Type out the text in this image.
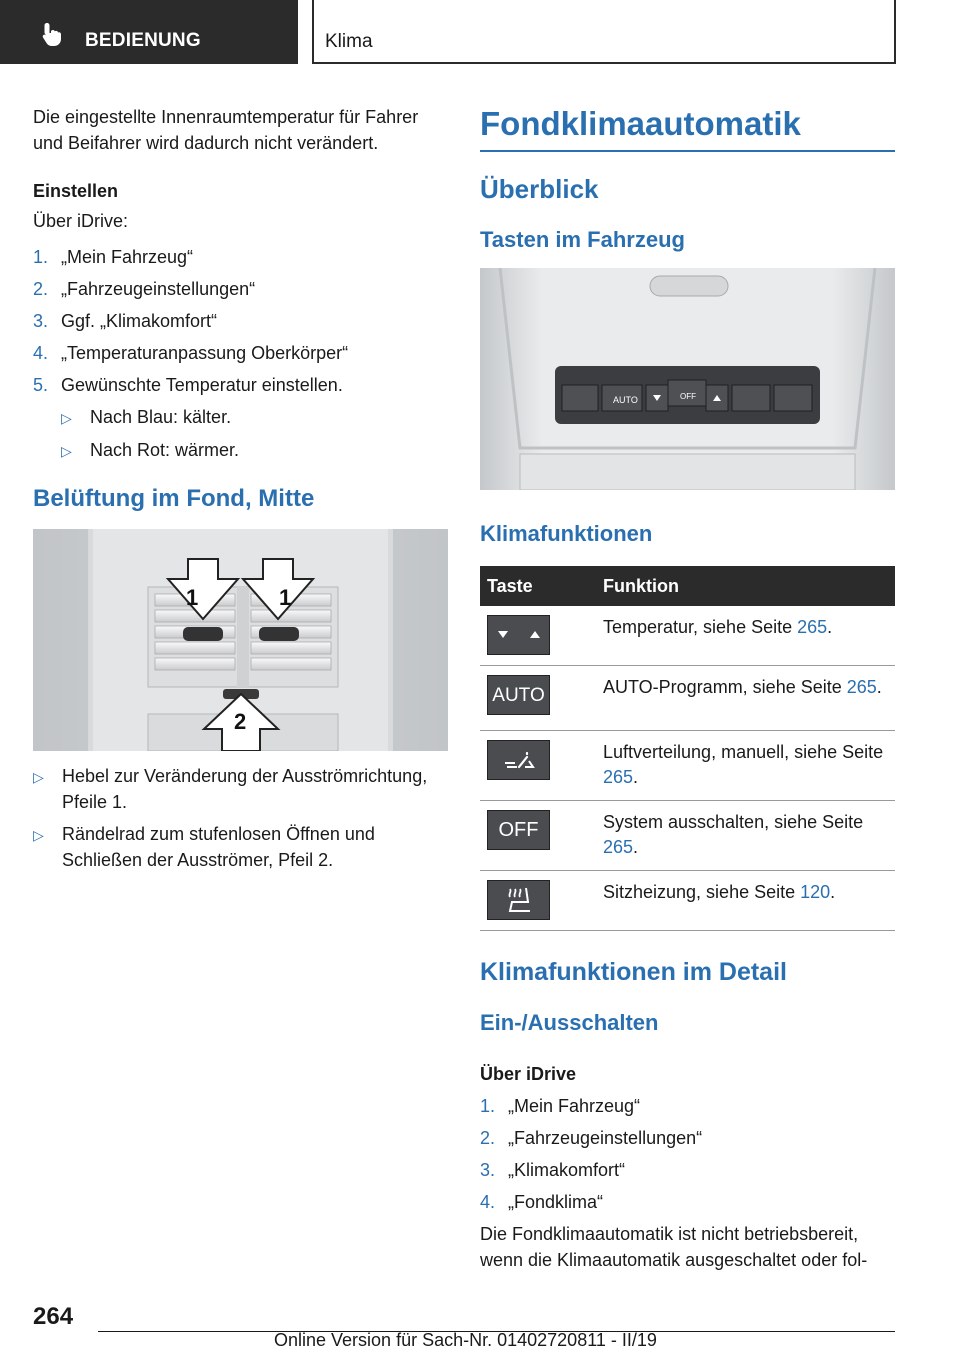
BEDIENUNG	Klima

Die eingestellte Innenraumtemperatur für Fahrer und Beifahrer wird dadurch nicht verändert.

Einstellen

Über iDrive:

1. „Mein Fahrzeug“
2. „Fahrzeugeinstellungen“
3. Ggf. „Klimakomfort“
4. „Temperaturanpassung Oberkörper“
5. Gewünschte Temperatur einstellen.
▷	Nach Blau: kälter.
▷	Nach Rot: wärmer.
Belüftung im Fond, Mitte
1	1
2
▷	Hebel zur Veränderung der Ausströmrichtung, Pfeile 1.
▷	Rändelrad zum stufenlosen Öffnen und Schließen der Ausströmer, Pfeil 2.
Fondklimaautomatik
Überblick
Tasten im Fahrzeug
AUTO	OFF
Klimafunktionen
Taste	Funktion

	Temperatur, siehe Seite 265.

AUTO	AUTO-Programm, siehe Seite 265.

	Luftverteilung, manuell, siehe Seite 265.

OFF	System ausschalten, siehe Seite 265.

	Sitzheizung, siehe Seite 120.
Klimafunktionen im Detail
Ein-/Ausschalten
Über iDrive
1. „Mein Fahrzeug“
2. „Fahrzeugeinstellungen“
3. „Klimakomfort“
4. „Fondklima“

Die Fondklimaautomatik ist nicht betriebsbereit, wenn die Klimaautomatik ausgeschaltet oder fol-

264
Online Version für Sach-Nr. 01402720811 - II/19
